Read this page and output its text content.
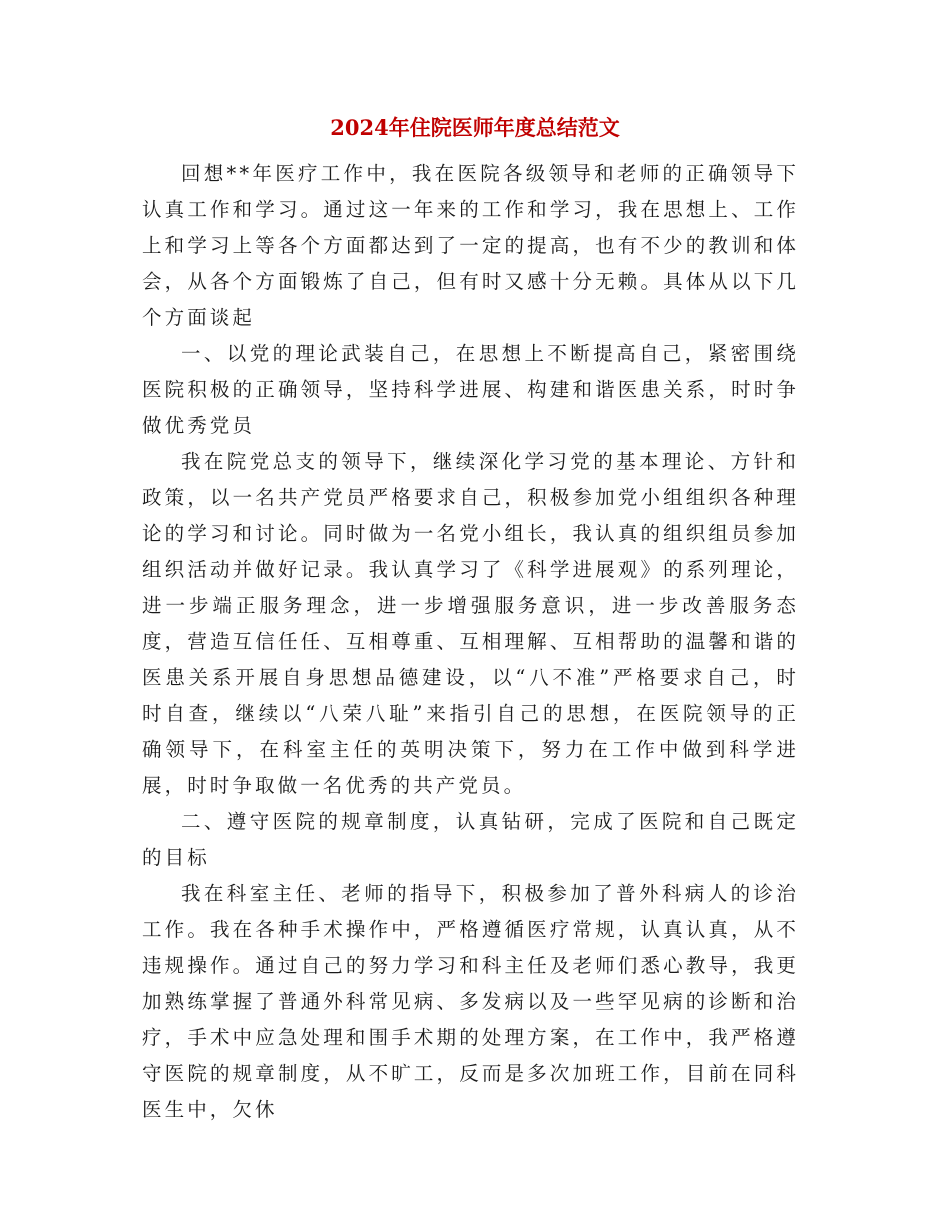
2024年住院医师年度总结范文

回想**年医疗工作中，我在医院各级领导和老师的正确领导下认真工作和学习。通过这一年来的工作和学习，我在思想上、工作上和学习上等各个方面都达到了一定的提高，也有不少的教训和体会，从各个方面锻炼了自己，但有时又感十分无赖。具体从以下几个方面谈起

一、以党的理论武装自己，在思想上不断提高自己，紧密围绕医院积极的正确领导，坚持科学进展、构建和谐医患关系，时时争做优秀党员

我在院党总支的领导下，继续深化学习党的基本理论、方针和政策，以一名共产党员严格要求自己，积极参加党小组组织各种理论的学习和讨论。同时做为一名党小组长，我认真的组织组员参加组织活动并做好记录。我认真学习了《科学进展观》的系列理论，进一步端正服务理念，进一步增强服务意识，进一步改善服务态度，营造互信任任、互相尊重、互相理解、互相帮助的温馨和谐的医患关系开展自身思想品德建设，以“八不准”严格要求自己，时时自查，继续以“八荣八耻”来指引自己的思想，在医院领导的正确领导下，在科室主任的英明决策下，努力在工作中做到科学进展，时时争取做一名优秀的共产党员。

二、遵守医院的规章制度，认真钻研，完成了医院和自己既定的目标

我在科室主任、老师的指导下，积极参加了普外科病人的诊治工作。我在各种手术操作中，严格遵循医疗常规，认真认真，从不违规操作。通过自己的努力学习和科主任及老师们悉心教导，我更加熟练掌握了普通外科常见病、多发病以及一些罕见病的诊断和治疗，手术中应急处理和围手术期的处理方案，在工作中，我严格遵守医院的规章制度，从不旷工，反而是多次加班工作，目前在同科医生中，欠休
